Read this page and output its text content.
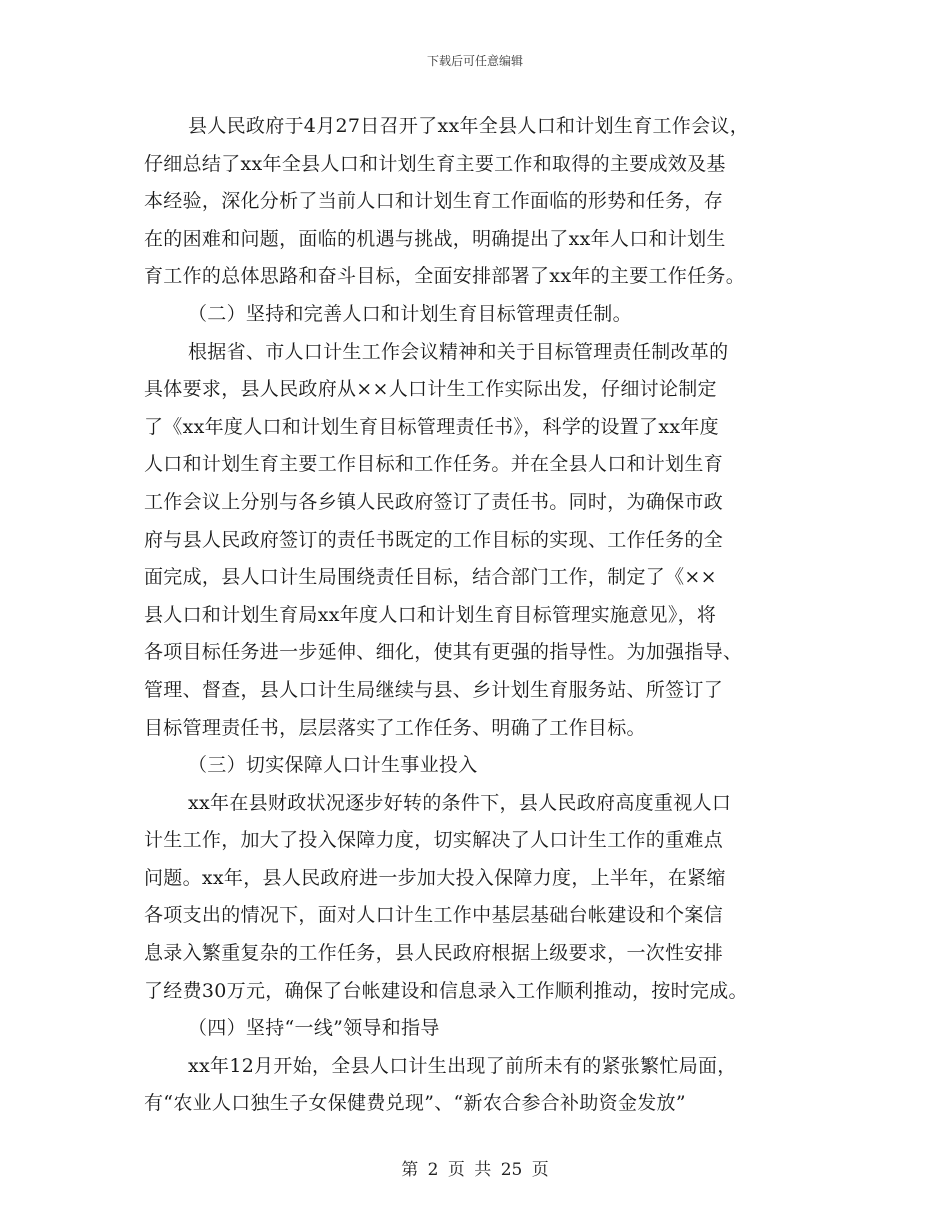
下载后可任意编辑
县人民政府于4月27日召开了xx年全县人口和计划生育工作会议，
仔细总结了xx年全县人口和计划生育主要工作和取得的主要成效及基
本经验，深化分析了当前人口和计划生育工作面临的形势和任务，存
在的困难和问题，面临的机遇与挑战，明确提出了xx年人口和计划生
育工作的总体思路和奋斗目标，全面安排部署了xx年的主要工作任务。
（二）坚持和完善人口和计划生育目标管理责任制。
根据省、市人口计生工作会议精神和关于目标管理责任制改革的
具体要求，县人民政府从××人口计生工作实际出发，仔细讨论制定
了《xx年度人口和计划生育目标管理责任书》，科学的设置了xx年度
人口和计划生育主要工作目标和工作任务。并在全县人口和计划生育
工作会议上分别与各乡镇人民政府签订了责任书。同时，为确保市政
府与县人民政府签订的责任书既定的工作目标的实现、工作任务的全
面完成，县人口计生局围绕责任目标，结合部门工作，制定了《××
县人口和计划生育局xx年度人口和计划生育目标管理实施意见》，将
各项目标任务进一步延伸、细化，使其有更强的指导性。为加强指导、
管理、督查，县人口计生局继续与县、乡计划生育服务站、所签订了
目标管理责任书，层层落实了工作任务、明确了工作目标。
（三）切实保障人口计生事业投入
xx年在县财政状况逐步好转的条件下，县人民政府高度重视人口
计生工作，加大了投入保障力度，切实解决了人口计生工作的重难点
问题。xx年，县人民政府进一步加大投入保障力度，上半年，在紧缩
各项支出的情况下，面对人口计生工作中基层基础台帐建设和个案信
息录入繁重复杂的工作任务，县人民政府根据上级要求，一次性安排
了经费30万元，确保了台帐建设和信息录入工作顺利推动，按时完成。
（四）坚持“一线”领导和指导
xx年12月开始，全县人口计生出现了前所未有的紧张繁忙局面，
有“农业人口独生子女保健费兑现”、“新农合参合补助资金发放”
第 2 页 共 25 页
